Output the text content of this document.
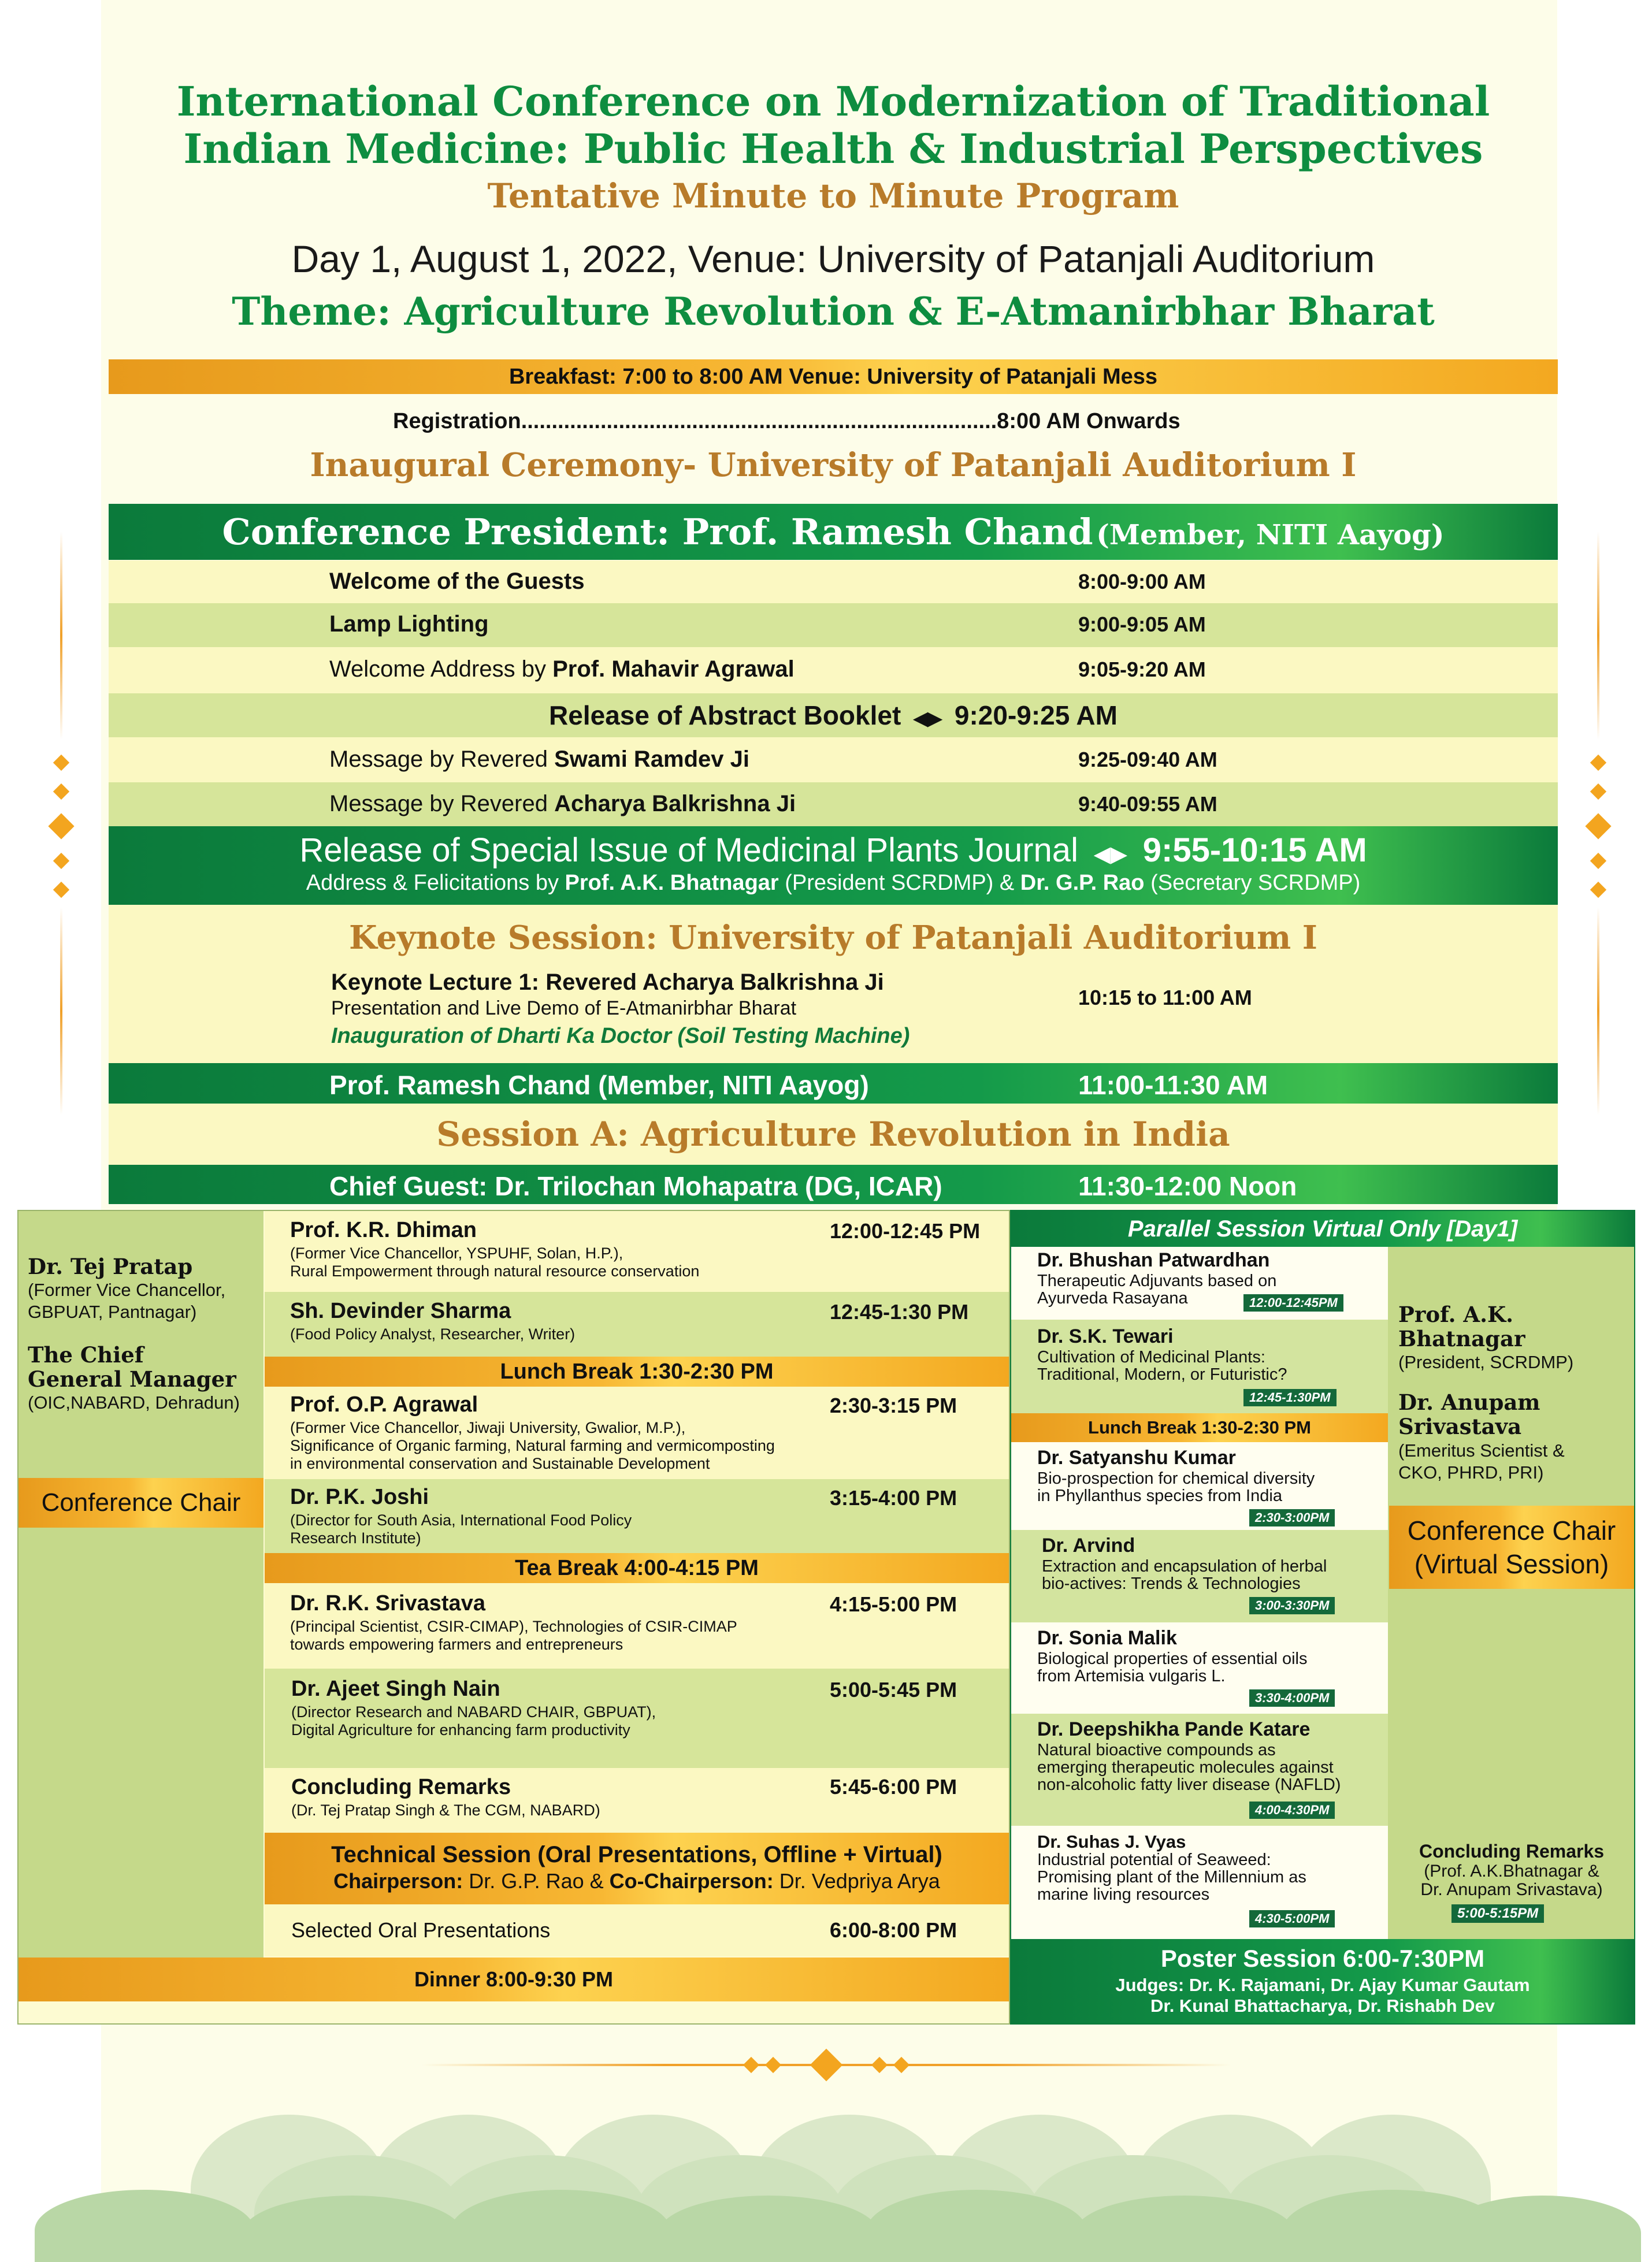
International Conference on Modernization of Traditional
Indian Medicine: Public Health & Industrial Perspectives
Tentative Minute to Minute Program
Day 1, August 1, 2022, Venue: University of Patanjali Auditorium
Theme: Agriculture Revolution & E-Atmanirbhar Bharat
Breakfast: 7:00 to 8:00 AM Venue: University of Patanjali Mess
Registration..............................................................................8:00 AM Onwards
Inaugural Ceremony- University of Patanjali Auditorium I
Conference President: Prof. Ramesh Chand (Member, NITI Aayog)
Welcome of the Guests	8:00-9:00 AM
Lamp Lighting	9:00-9:05 AM
Welcome Address by Prof. Mahavir Agrawal	9:05-9:20 AM
Release of Abstract Booklet  ◀▶  9:20-9:25 AM
Message by Revered Swami Ramdev Ji	9:25-09:40 AM
Message by Revered Acharya Balkrishna Ji	9:40-09:55 AM
Release of Special Issue of Medicinal Plants Journal  ◀▶  9:55-10:15 AM
Address & Felicitations by Prof. A.K. Bhatnagar (President SCRDMP) & Dr. G.P. Rao (Secretary SCRDMP)
Keynote Session: University of Patanjali Auditorium I
Keynote Lecture 1: Revered Acharya Balkrishna Ji
Presentation and Live Demo of E-Atmanirbhar Bharat
Inauguration of Dharti Ka Doctor (Soil Testing Machine)
10:15 to 11:00 AM
Prof. Ramesh Chand (Member, NITI Aayog)	11:00-11:30 AM
Session A: Agriculture Revolution in India
Chief Guest: Dr. Trilochan Mohapatra (DG, ICAR)	11:30-12:00 Noon
Dr. Tej Pratap
(Former Vice Chancellor,
GBPUAT, Pantnagar)
The Chief
General Manager
(OIC,NABARD, Dehradun)
Conference Chair
Prof. K.R. Dhiman
(Former Vice Chancellor, YSPUHF, Solan, H.P.),
Rural Empowerment through natural resource conservation
12:00-12:45 PM
Sh. Devinder Sharma
(Food Policy Analyst, Researcher, Writer)
12:45-1:30 PM
Lunch Break 1:30-2:30 PM
Prof. O.P. Agrawal
(Former Vice Chancellor, Jiwaji University, Gwalior, M.P.),
Significance of Organic farming, Natural farming and vermicomposting
in environmental conservation and Sustainable Development
2:30-3:15 PM
Dr. P.K. Joshi
(Director for South Asia, International Food Policy
Research Institute)
3:15-4:00 PM
Tea Break 4:00-4:15 PM
Dr. R.K. Srivastava
(Principal Scientist, CSIR-CIMAP), Technologies of CSIR-CIMAP
towards empowering farmers and entrepreneurs
4:15-5:00 PM
Dr. Ajeet Singh Nain
(Director Research and NABARD CHAIR, GBPUAT),
Digital Agriculture for enhancing farm productivity
5:00-5:45 PM
Concluding Remarks
(Dr. Tej Pratap Singh & The CGM, NABARD)
5:45-6:00 PM
Technical Session (Oral Presentations, Offline + Virtual)
Chairperson: Dr. G.P. Rao & Co-Chairperson: Dr. Vedpriya Arya
Selected Oral Presentations	6:00-8:00 PM
Dinner 8:00-9:30 PM
Parallel Session Virtual Only [Day1]
Dr. Bhushan Patwardhan
Therapeutic Adjuvants based on
Ayurveda Rasayana	12:00-12:45PM
Dr. S.K. Tewari
Cultivation of Medicinal Plants:
Traditional, Modern, or Futuristic?
12:45-1:30PM
Lunch Break 1:30-2:30 PM
Dr. Satyanshu Kumar
Bio-prospection for chemical diversity
in Phyllanthus species from India
2:30-3:00PM
Dr. Arvind
Extraction and encapsulation of herbal
bio-actives: Trends & Technologies
3:00-3:30PM
Dr. Sonia Malik
Biological properties of essential oils
from Artemisia vulgaris L.
3:30-4:00PM
Dr. Deepshikha Pande Katare
Natural bioactive compounds as
emerging therapeutic molecules against
non-alcoholic fatty liver disease (NAFLD)
4:00-4:30PM
Dr. Suhas J. Vyas
Industrial potential of Seaweed:
Promising plant of the Millennium as
marine living resources
4:30-5:00PM
Prof. A.K.
Bhatnagar
(President, SCRDMP)
Dr. Anupam
Srivastava
(Emeritus Scientist &
CKO, PHRD, PRI)
Conference Chair
(Virtual Session)
Concluding Remarks
(Prof. A.K.Bhatnagar &
Dr. Anupam Srivastava)
5:00-5:15PM
Poster Session 6:00-7:30PM
Judges: Dr. K. Rajamani, Dr. Ajay Kumar Gautam
Dr. Kunal Bhattacharya, Dr. Rishabh Dev
